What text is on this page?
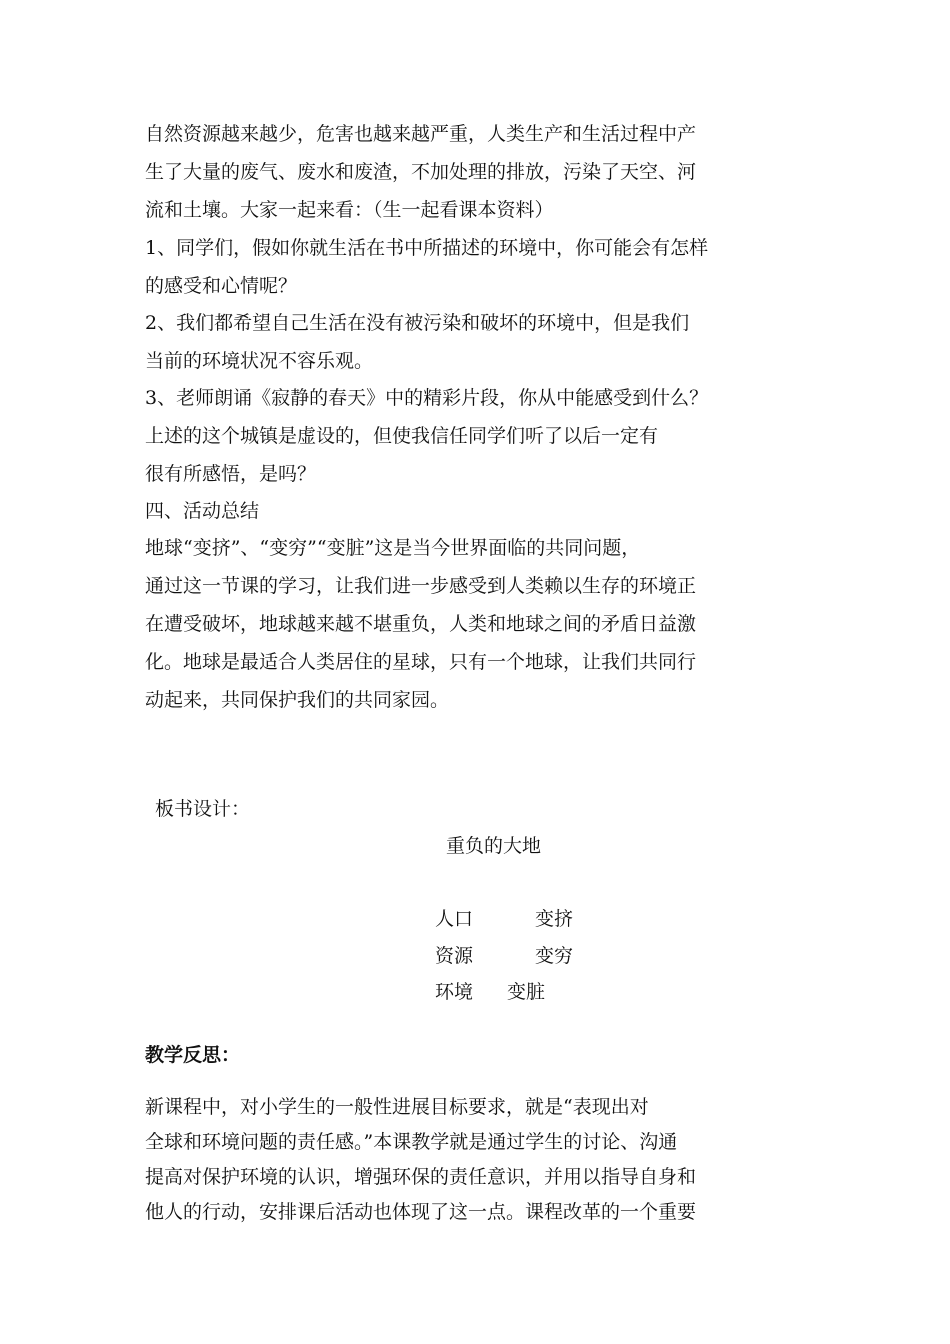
自然资源越来越少，危害也越来越严重，人类生产和生活过程中产
生了大量的废气、废水和废渣，不加处理的排放，污染了天空、河
流和土壤。大家一起来看：（生一起看课本资料）
1、同学们，假如你就生活在书中所描述的环境中，你可能会有怎样
的感受和心情呢？
2、我们都希望自己生活在没有被污染和破坏的环境中，但是我们
当前的环境状况不容乐观。
3、老师朗诵《寂静的春天》中的精彩片段，你从中能感受到什么？
上述的这个城镇是虚设的，但使我信任同学们听了以后一定有
很有所感悟，是吗？
四、活动总结
地球“变挤”、“变穷”“变脏”这是当今世界面临的共同问题，
通过这一节课的学习，让我们进一步感受到人类赖以生存的环境正
在遭受破坏，地球越来越不堪重负，人类和地球之间的矛盾日益激
化。地球是最适合人类居住的星球，只有一个地球，让我们共同行
动起来，共同保护我们的共同家园。
板书设计：
重负的大地
人口	变挤
资源	变穷
环境 变脏
教学反思：
新课程中，对小学生的一般性进展目标要求，就是“表现出对
全球和环境问题的责任感。”本课教学就是通过学生的讨论、沟通
提高对保护环境的认识，增强环保的责任意识，并用以指导自身和
他人的行动，安排课后活动也体现了这一点。课程改革的一个重要
